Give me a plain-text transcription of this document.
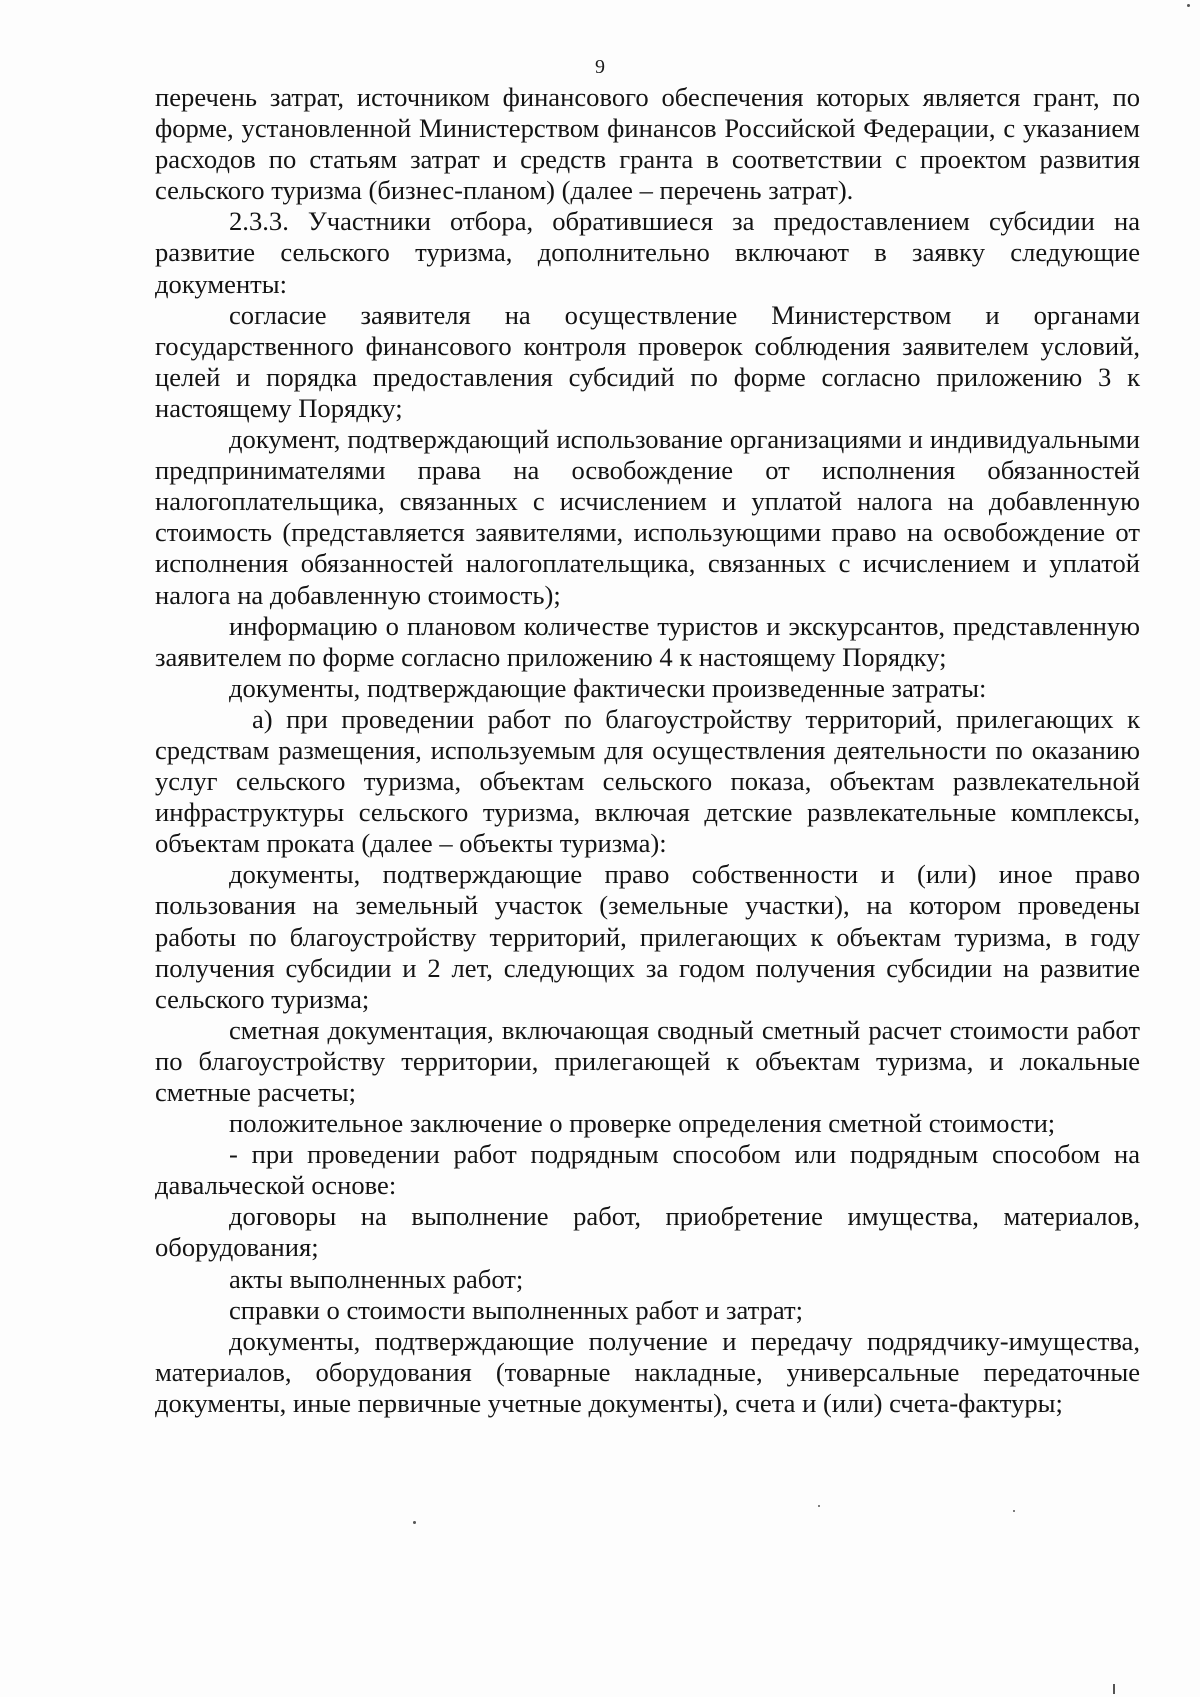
9

перечень затрат, источником финансового обеспечения которых является грант, по форме, установленной Министерством финансов Российской Федерации, с указанием расходов по статьям затрат и средств гранта в соответствии с проектом развития сельского туризма (бизнес-планом) (далее – перечень затрат).

2.3.3. Участники отбора, обратившиеся за предоставлением субсидии на развитие сельского туризма, дополнительно включают в заявку следующие документы:

согласие заявителя на осуществление Министерством и органами государственного финансового контроля проверок соблюдения заявителем условий, целей и порядка предоставления субсидий по форме согласно приложению 3 к настоящему Порядку;

документ, подтверждающий использование организациями и индивидуальными предпринимателями права на освобождение от исполнения обязанностей налогоплательщика, связанных с исчислением и уплатой налога на добавленную стоимость (представляется заявителями, использующими право на освобождение от исполнения обязанностей налогоплательщика, связанных с исчислением и уплатой налога на добавленную стоимость);

информацию о плановом количестве туристов и экскурсантов, представленную заявителем по форме согласно приложению 4 к настоящему Порядку;

документы, подтверждающие фактически произведенные затраты:

а) при проведении работ по благоустройству территорий, прилегающих к средствам размещения, используемым для осуществления деятельности по оказанию услуг сельского туризма, объектам сельского показа, объектам развлекательной инфраструктуры сельского туризма, включая детские развлекательные комплексы, объектам проката (далее – объекты туризма):

документы, подтверждающие право собственности и (или) иное право пользования на земельный участок (земельные участки), на котором проведены работы по благоустройству территорий, прилегающих к объектам туризма, в году получения субсидии и 2 лет, следующих за годом получения субсидии на развитие сельского туризма;

сметная документация, включающая сводный сметный расчет стоимости работ по благоустройству территории, прилегающей к объектам туризма, и локальные сметные расчеты;

положительное заключение о проверке определения сметной стоимости;

- при проведении работ подрядным способом или подрядным способом на давальческой основе:

договоры на выполнение работ, приобретение имущества, материалов, оборудования;

акты выполненных работ;

справки о стоимости выполненных работ и затрат;

документы, подтверждающие получение и передачу подрядчику-имущества, материалов, оборудования (товарные накладные, универсальные передаточные документы, иные первичные учетные документы), счета и (или) счета-фактуры;
